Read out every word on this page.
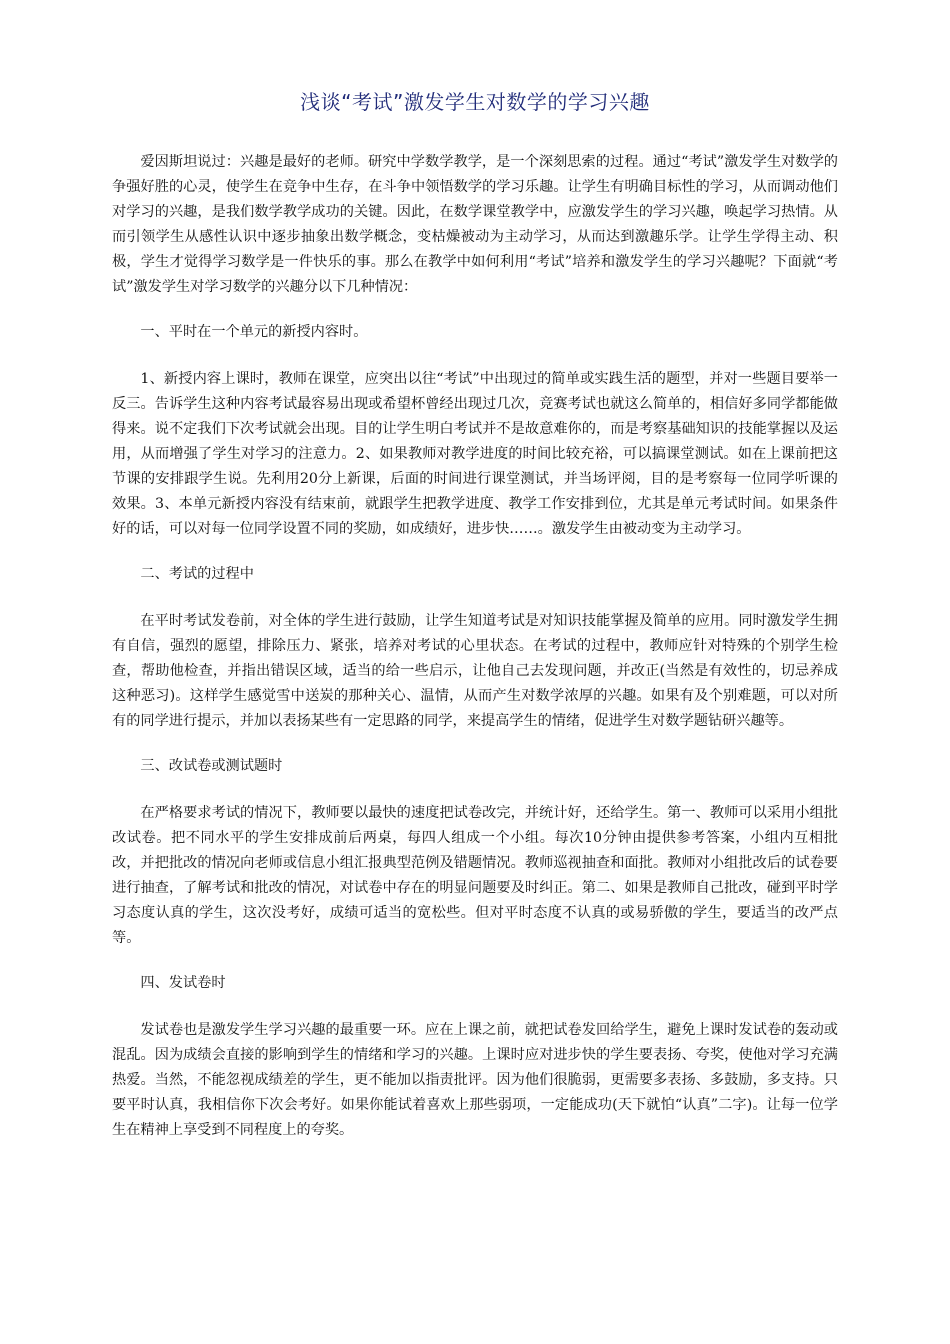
浅谈“考试”激发学生对数学的学习兴趣

爱因斯坦说过：兴趣是最好的老师。研究中学数学教学，是一个深刻思索的过程。通过“考试”激发学生对数学的争强好胜的心灵，使学生在竞争中生存，在斗争中领悟数学的学习乐趣。让学生有明确目标性的学习，从而调动他们对学习的兴趣，是我们数学教学成功的关键。因此，在数学课堂教学中，应激发学生的学习兴趣，唤起学习热情。从而引领学生从感性认识中逐步抽象出数学概念，变枯燥被动为主动学习，从而达到激趣乐学。让学生学得主动、积极，学生才觉得学习数学是一件快乐的事。那么在教学中如何利用“考试”培养和激发学生的学习兴趣呢？下面就“考试”激发学生对学习数学的兴趣分以下几种情况：

一、平时在一个单元的新授内容时。

1、新授内容上课时，教师在课堂，应突出以往“考试”中出现过的简单或实践生活的题型，并对一些题目要举一反三。告诉学生这种内容考试最容易出现或希望杯曾经出现过几次，竞赛考试也就这么简单的，相信好多同学都能做得来。说不定我们下次考试就会出现。目的让学生明白考试并不是故意难你的，而是考察基础知识的技能掌握以及运用，从而增强了学生对学习的注意力。2、如果教师对教学进度的时间比较充裕，可以搞课堂测试。如在上课前把这节课的安排跟学生说。先利用20分上新课，后面的时间进行课堂测试，并当场评阅，目的是考察每一位同学听课的效果。3、本单元新授内容没有结束前，就跟学生把教学进度、教学工作安排到位，尤其是单元考试时间。如果条件好的话，可以对每一位同学设置不同的奖励，如成绩好，进步快……。激发学生由被动变为主动学习。

二、考试的过程中

在平时考试发卷前，对全体的学生进行鼓励，让学生知道考试是对知识技能掌握及简单的应用。同时激发学生拥有自信，强烈的愿望，排除压力、紧张，培养对考试的心里状态。在考试的过程中，教师应针对特殊的个别学生检查，帮助他检查，并指出错误区域，适当的给一些启示，让他自己去发现问题，并改正(当然是有效性的，切忌养成这种恶习)。这样学生感觉雪中送炭的那种关心、温情，从而产生对数学浓厚的兴趣。如果有及个别难题，可以对所有的同学进行提示，并加以表扬某些有一定思路的同学，来提高学生的情绪，促进学生对数学题钻研兴趣等。

三、改试卷或测试题时

在严格要求考试的情况下，教师要以最快的速度把试卷改完，并统计好，还给学生。第一、教师可以采用小组批改试卷。把不同水平的学生安排成前后两桌，每四人组成一个小组。每次10分钟由提供参考答案，小组内互相批改，并把批改的情况向老师或信息小组汇报典型范例及错题情况。教师巡视抽查和面批。教师对小组批改后的试卷要进行抽查，了解考试和批改的情况，对试卷中存在的明显问题要及时纠正。第二、如果是教师自己批改，碰到平时学习态度认真的学生，这次没考好，成绩可适当的宽松些。但对平时态度不认真的或易骄傲的学生，要适当的改严点等。

四、发试卷时

发试卷也是激发学生学习兴趣的最重要一环。应在上课之前，就把试卷发回给学生，避免上课时发试卷的轰动或混乱。因为成绩会直接的影响到学生的情绪和学习的兴趣。上课时应对进步快的学生要表扬、夸奖，使他对学习充满热爱。当然，不能忽视成绩差的学生，更不能加以指责批评。因为他们很脆弱，更需要多表扬、多鼓励，多支持。只要平时认真，我相信你下次会考好。如果你能试着喜欢上那些弱项，一定能成功(天下就怕“认真”二字)。让每一位学生在精神上享受到不同程度上的夸奖。
